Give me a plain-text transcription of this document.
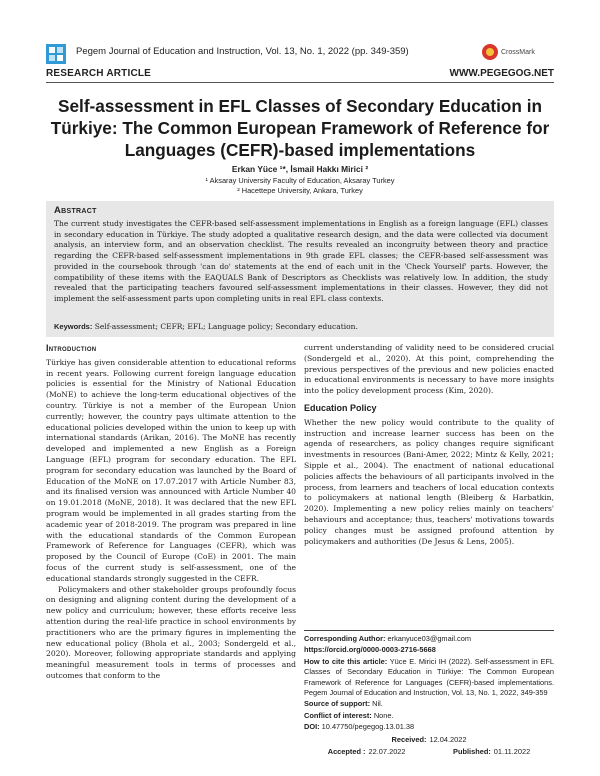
Pegem Journal of Education and Instruction, Vol. 13, No. 1, 2022 (pp. 349-359)	CrossMark
RESEARCH ARTICLE	WWW.PEGEGOG.NET
Self-assessment in EFL Classes of Secondary Education in Türkiye: The Common European Framework of Reference for Languages (CEFR)-based implementations
Erkan Yüce ¹*, İsmail Hakkı Mirici ²
¹ Aksaray University Faculty of Education, Aksaray Turkey
² Hacettepe University, Ankara, Turkey
Abstract
The current study investigates the CEFR-based self-assessment implementations in English as a foreign language (EFL) classes in secondary education in Türkiye. The study adopted a qualitative research design, and the data were collected via document analysis, an interview form, and an observation checklist. The results revealed an incongruity between theory and practice regarding the CEFR-based self-assessment implementations in 9th grade EFL classes; the CEFR-based self-assessment was provided in the coursebook through 'can do' statements at the end of each unit in the 'Check Yourself' parts. However, the compatibility of these items with the EAQUALS Bank of Descriptors as Checklists was relatively low. In addition, the study revealed that the participating teachers favoured self-assessment implementations in their classes. However, they did not implement the self-assessment parts upon completing units in real EFL class contexts.
Keywords: Self-assessment; CEFR; EFL; Language policy; Secondary education.
Introduction

Türkiye has given considerable attention to educational reforms in recent years. Following current foreign language education policies is essential for the Ministry of National Education (MoNE) to achieve the long-term educational objectives of the country. Türkiye is not a member of the European Union currently; however, the country pays ultimate attention to the educational policies developed within the union to keep up with international standards (Arikan, 2016). The MoNE has recently developed and implemented a new English as a Foreign Language (EFL) program for secondary education. The EFL program for secondary education was launched by the Board of Education of the MoNE on 17.07.2017 with Article Number 83, and its finalised version was announced with Article Number 40 on 19.01.2018 (MoNE, 2018). It was declared that the new EFL program would be implemented in all grades starting from the academic year of 2018-2019. The program was prepared in line with the educational standards of the Common European Framework of Reference for Languages (CEFR), which was proposed by the Council of Europe (CoE) in 2001. The main focus of the current study is self-assessment, one of the educational standards strongly suggested in the CEFR.

Policymakers and other stakeholder groups profoundly focus on designing and aligning content during the development of a new policy and curriculum; however, these efforts receive less attention during the real-life practice in school environments by practitioners who are the primary figures in implementing the new educational policy (Bhola et al., 2003; Sondergeld et al., 2020). Moreover, following appropriate standards and applying meaningful measurement tools in terms of processes and outcomes that conform to the

current understanding of validity need to be considered crucial (Sondergeld et al., 2020). At this point, comprehending the previous perspectives of the previous and new policies enacted in educational environments is necessary to have more insights into the policy development process (Kim, 2020).

Education Policy

Whether the new policy would contribute to the quality of instruction and increase learner success has been on the agenda of researchers, as policy changes require significant investments in resources (Bani-Amer, 2022; Mintz & Kelly, 2021; Sipple et al., 2004). The enactment of national educational policies affects the behaviours of all participants involved in the process, from learners and teachers of local education contexts to policymakers at national length (Bleiberg & Harbatkin, 2020). Implementing a new policy relies mainly on teachers' behaviours and acceptance; thus, teachers' motivations towards policy changes must be assigned profound attention by policymakers and authorities (De Jesus & Lens, 2005).

Corresponding Author: erkanyuce03@gmail.com

https://orcid.org/0000-0003-2716-5668

How to cite this article: Yüce E. Mirici IH (2022). Self-assessment in EFL Classes of Secondary Education in Türkiye: The Common European Framework of Reference for Languages (CEFR)-based implementations. Pegem Journal of Education and Instruction, Vol. 13, No. 1, 2022, 349-359

Source of support: Nil.

Conflict of interest: None.

DOI: 10.47750/pegegog.13.01.38

Received: 12.04.2022
Accepted : 22.07.2022	Published: 01.11.2022
